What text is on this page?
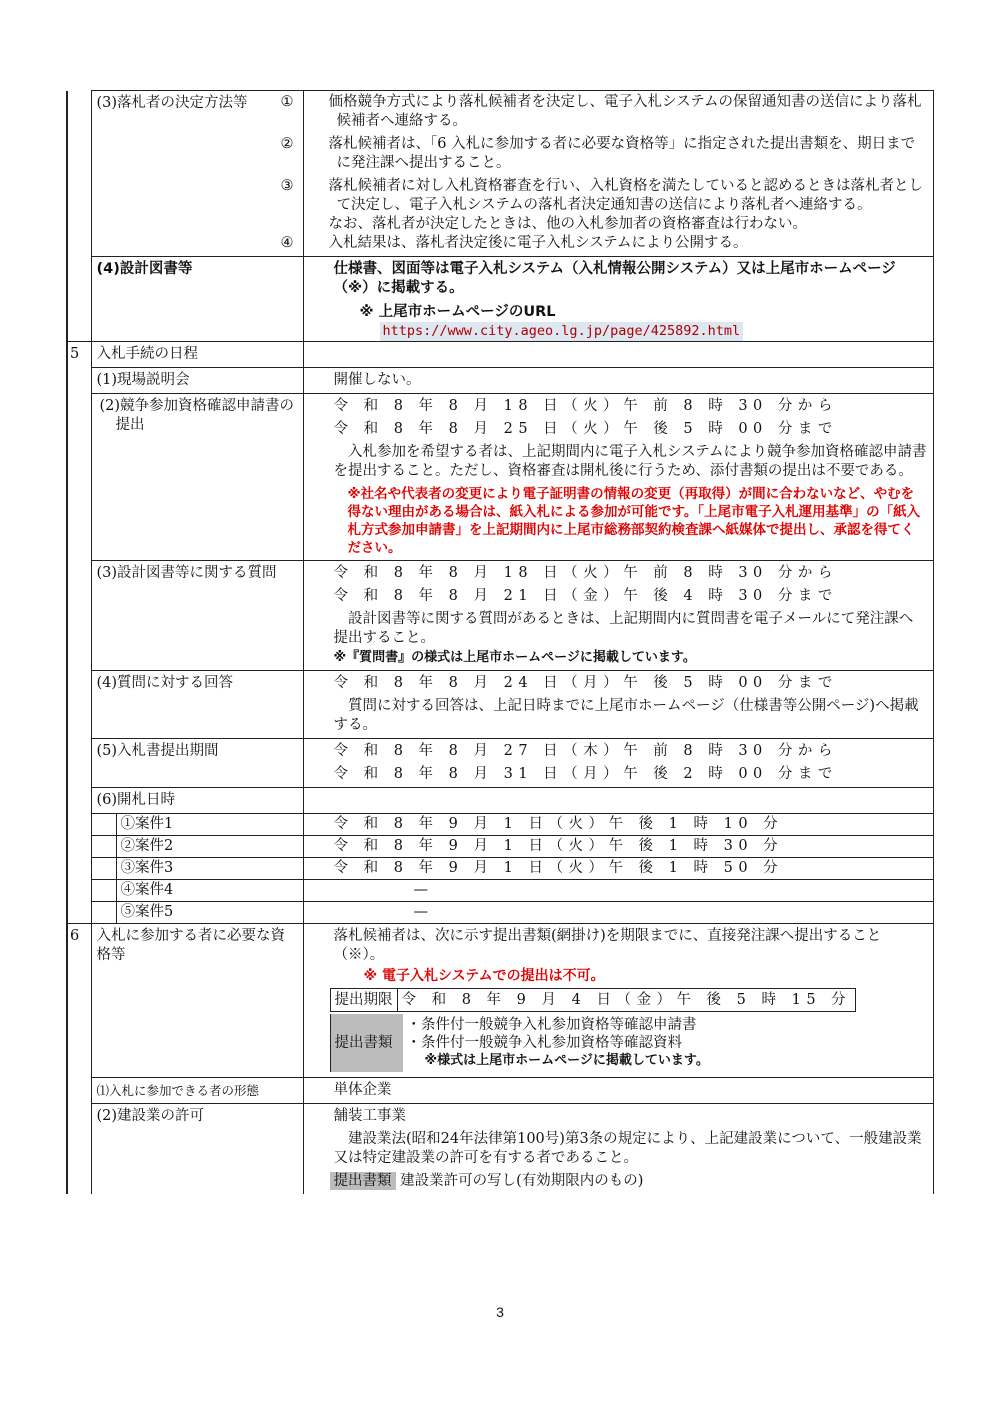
	(3)落札者の決定方法等	① 価格競争方式により落札候補者を決定し、電子入札システムの保留通知書の送信により落札候補者へ連絡する。
② 落札候補者は、「6 入札に参加する者に必要な資格等」に指定された提出書類を、期日までに発注課へ提出すること。
③ 落札候補者に対し入札資格審査を行い、入札資格を満たしていると認めるときは落札者として決定し、電子入札システムの落札者決定通知書の送信により落札者へ連絡する。
なお、落札者が決定したときは、他の入札参加者の資格審査は行わない。
④ 入札結果は、落札者決定後に電子入札システムにより公開する。

	(4)設計図書等	仕様書、図面等は電子入札システム（入札情報公開システム）又は上尾市ホームページ（※）に掲載する。
※ 上尾市ホームページのURL
https://www.city.ageo.lg.jp/page/425892.html

5	入札手続の日程	
	(1)現場説明会	開催しない。
	(2)競争参加資格確認申請書の提出	
令 和 8 年 8 月 18 日（火）午 前 8 時 30 分から
令 和 8 年 8 月 25 日（火）午 後 5 時 00 分まで
入札参加を希望する者は、上記期間内に電子入札システムにより競争参加資格確認申請書を提出すること。ただし、資格審査は開札後に行うため、添付書類の提出は不要である。
※社名や代表者の変更により電子証明書の情報の変更（再取得）が間に合わないなど、やむを得ない理由がある場合は、紙入札による参加が可能です。「上尾市電子入札運用基準」の「紙入札方式参加申請書」を上記期間内に上尾市総務部契約検査課へ紙媒体で提出し、承認を得てください。

	(3)設計図書等に関する質問	令 和 8 年 8 月 18 日（火）午 前 8 時 30 分から
令 和 8 年 8 月 21 日（金）午 後 4 時 30 分まで
設計図書等に関する質問があるときは、上記期間内に質問書を電子メールにて発注課へ提出すること。
※『質問書』の様式は上尾市ホームページに掲載しています。

	(4)質問に対する回答	令 和 8 年 8 月 24 日（月）午 後 5 時 00 分まで
質問に対する回答は、上記日時までに上尾市ホームページ（仕様書等公開ページ)へ掲載する。

	(5)入札書提出期間	令 和 8 年 8 月 27 日（木）午 前 8 時 30 分から
令 和 8 年 8 月 31 日（月）午 後 2 時 00 分まで

	(6)開札日時	

①案件1	令 和 8 年 9 月 1 日（火）午 後 1 時 10 分

②案件2	令 和 8 年 9 月 1 日（火）午 後 1 時 30 分

③案件3	令 和 8 年 9 月 1 日（火）午 後 1 時 50 分

④案件4	—

⑤案件5	—
6	入札に参加する者に必要な資格等	
落札候補者は、次に示す提出書類(網掛け)を期限までに、直接発注課へ提出すること（※）。
※ 電子入札システムでの提出は不可。
提出期限	令 和 8 年 9 月 4 日（金）午 後 5 時 15 分
提出書類	
・条件付一般競争入札参加資格等確認申請書
・条件付一般競争入札参加資格等確認資料
※様式は上尾市ホームページに掲載しています。

	⑴入札に参加できる者の形態	単体企業
	(2)建設業の許可	舗装工事業
建設業法(昭和24年法律第100号)第3条の規定により、上記建設業について、一般建設業又は特定建設業の許可を有する者であること。
提出書類 建設業許可の写し(有効期限内のもの)
3
